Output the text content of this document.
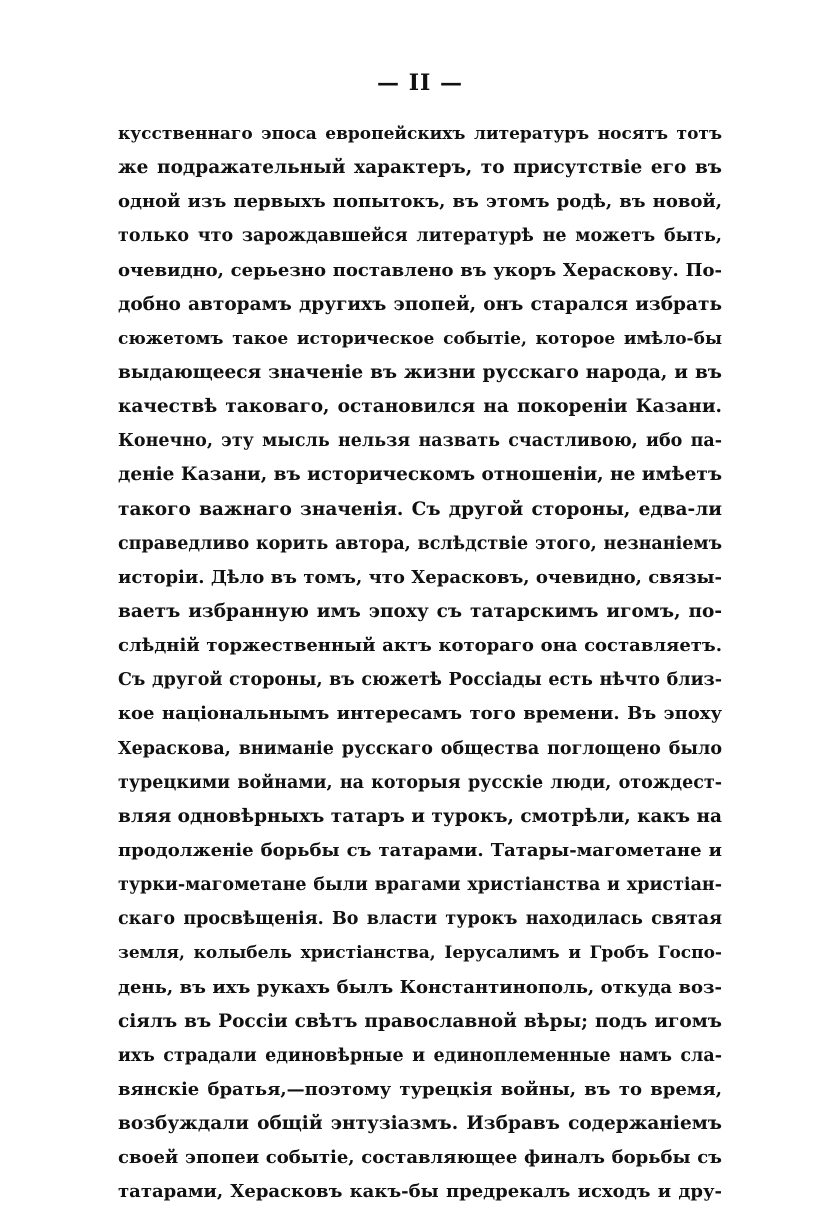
— II —
кусственнаго эпоса европейскихъ литературъ носятъ тотъ
же подражательный характеръ, то присутствіе его въ
одной изъ первыхъ попытокъ, въ этомъ родѣ, въ новой,
только что зарождавшейся литературѣ не можетъ быть,
очевидно, серьезно поставлено въ укоръ Хераскову. По-
добно авторамъ другихъ эпопей, онъ старался избрать
сюжетомъ такое историческое событіе, которое имѣло-бы
выдающееся значеніе въ жизни русскаго народа, и въ
качествѣ таковаго, остановился на покореніи Казани.
Конечно, эту мысль нельзя назвать счастливою, ибо па-
деніе Казани, въ историческомъ отношеніи, не имѣетъ
такого важнаго значенія. Съ другой стороны, едва-ли
справедливо корить автора, вслѣдствіе этого, незнаніемъ
исторіи. Дѣло въ томъ, что Херасковъ, очевидно, связы-
ваетъ избранную имъ эпоху съ татарскимъ игомъ, по-
слѣдній торжественный актъ котораго она составляетъ.
Съ другой стороны, въ сюжетѣ Россіады есть нѣчто близ-
кое національнымъ интересамъ того времени. Въ эпоху
Хераскова, вниманіе русскаго общества поглощено было
турецкими войнами, на которыя русскіе люди, отождест-
вляя одновѣрныхъ татаръ и турокъ, смотрѣли, какъ на
продолженіе борьбы съ татарами. Татары-магометане и
турки-магометане были врагами христіанства и христіан-
скаго просвѣщенія. Во власти турокъ находилась святая
земля, колыбель христіанства, Іерусалимъ и Гробъ Госпо-
день, въ ихъ рукахъ былъ Константинополь, откуда воз-
сіялъ въ Россіи свѣтъ православной вѣры; подъ игомъ
ихъ страдали единовѣрные и единоплеменные намъ сла-
вянскіе братья,—поэтому турецкія войны, въ то время,
возбуждали общій энтузіазмъ. Избравъ содержаніемъ
своей эпопеи событіе, составляющее финалъ борьбы съ
татарами, Херасковъ какъ-бы предрекалъ исходъ и дру-
